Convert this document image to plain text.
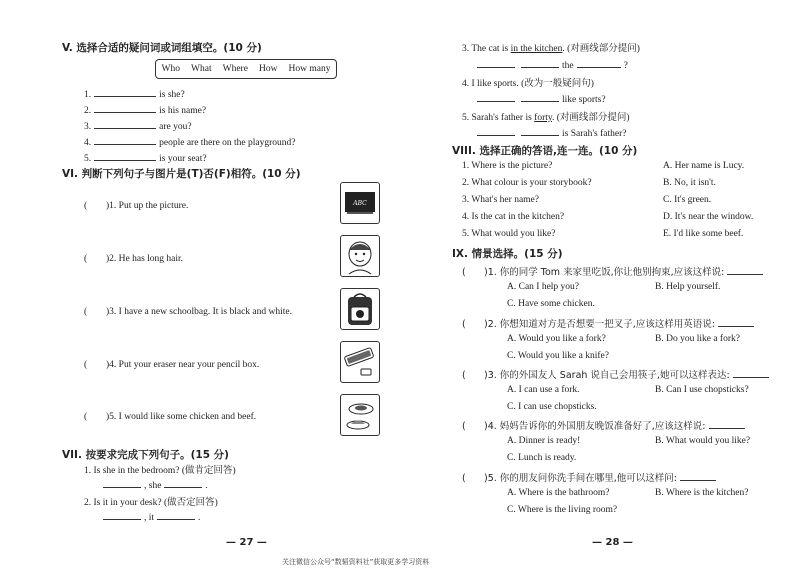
V. 选择合适的疑问词或词组填空。(10 分)
Who What Where How How many
1.	is she?
2.	is his name?
3.	are you?
4.	people are there on the playground?
5.	is your seat?
VI. 判断下列句子与图片是(T)否(F)相符。(10 分)
( )1. Put up the picture.
( )2. He has long hair.
( )3. I have a new schoolbag. It is black and white.
( )4. Put your eraser near your pencil box.
( )5. I would like some chicken and beef.
ABC
VII. 按要求完成下列句子。(15 分)
1. Is she in the bedroom? (做肯定回答)
, she	.
2. Is it in your desk? (做否定回答)
, it	.
— 27 —
3. The cat is in the kitchen. (对画线部分提问)
the	?
4. I like sports. (改为一般疑问句)
like sports?
5. Sarah's father is forty. (对画线部分提问)
is Sarah's father?
VIII. 选择正确的答语,连一连。(10 分)
1. Where is the picture?
2. What colour is your storybook?
3. What's her name?
4. Is the cat in the kitchen?
5. What would you like?
A. Her name is Lucy.
B. No, it isn't.
C. It's green.
D. It's near the window.
E. I'd like some beef.
IX. 情景选择。(15 分)
( )1. 你的同学 Tom 来家里吃饭,你让他别拘束,应该这样说:
A. Can I help you?	B. Help yourself.
C. Have some chicken.
( )2. 你想知道对方是否想要一把叉子,应该这样用英语说:
A. Would you like a fork?	B. Do you like a fork?
C. Would you like a knife?
( )3. 你的外国友人 Sarah 说自己会用筷子,她可以这样表达:
A. I can use a fork.	B. Can I use chopsticks?
C. I can use chopsticks.
( )4. 妈妈告诉你的外国朋友晚饭准备好了,应该这样说:
A. Dinner is ready!	B. What would you like?
C. Lunch is ready.
( )5. 你的朋友问你洗手间在哪里,他可以这样问:
A. Where is the bathroom?	B. Where is the kitchen?
C. Where is the living room?
— 28 —
关注微信公众号“数韬资料社”获取更多学习资料
